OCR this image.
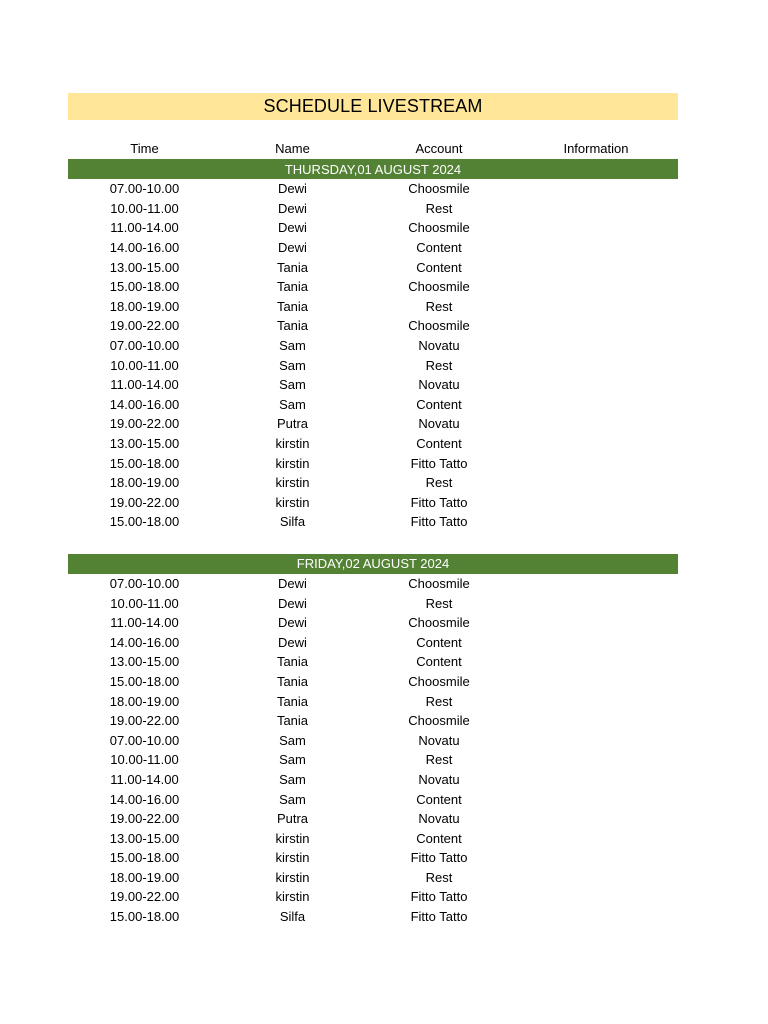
SCHEDULE LIVESTREAM
Time	Name	Account	Information
THURSDAY,01 AUGUST 2024
07.00-10.00	Dewi	Choosmile
10.00-11.00	Dewi	Rest
11.00-14.00	Dewi	Choosmile
14.00-16.00	Dewi	Content
13.00-15.00	Tania	Content
15.00-18.00	Tania	Choosmile
18.00-19.00	Tania	Rest
19.00-22.00	Tania	Choosmile
07.00-10.00	Sam	Novatu
10.00-11.00	Sam	Rest
11.00-14.00	Sam	Novatu
14.00-16.00	Sam	Content
19.00-22.00	Putra	Novatu
13.00-15.00	kirstin	Content
15.00-18.00	kirstin	Fitto Tatto
18.00-19.00	kirstin	Rest
19.00-22.00	kirstin	Fitto Tatto
15.00-18.00	Silfa	Fitto Tatto
FRIDAY,02 AUGUST 2024
07.00-10.00	Dewi	Choosmile
10.00-11.00	Dewi	Rest
11.00-14.00	Dewi	Choosmile
14.00-16.00	Dewi	Content
13.00-15.00	Tania	Content
15.00-18.00	Tania	Choosmile
18.00-19.00	Tania	Rest
19.00-22.00	Tania	Choosmile
07.00-10.00	Sam	Novatu
10.00-11.00	Sam	Rest
11.00-14.00	Sam	Novatu
14.00-16.00	Sam	Content
19.00-22.00	Putra	Novatu
13.00-15.00	kirstin	Content
15.00-18.00	kirstin	Fitto Tatto
18.00-19.00	kirstin	Rest
19.00-22.00	kirstin	Fitto Tatto
15.00-18.00	Silfa	Fitto Tatto
